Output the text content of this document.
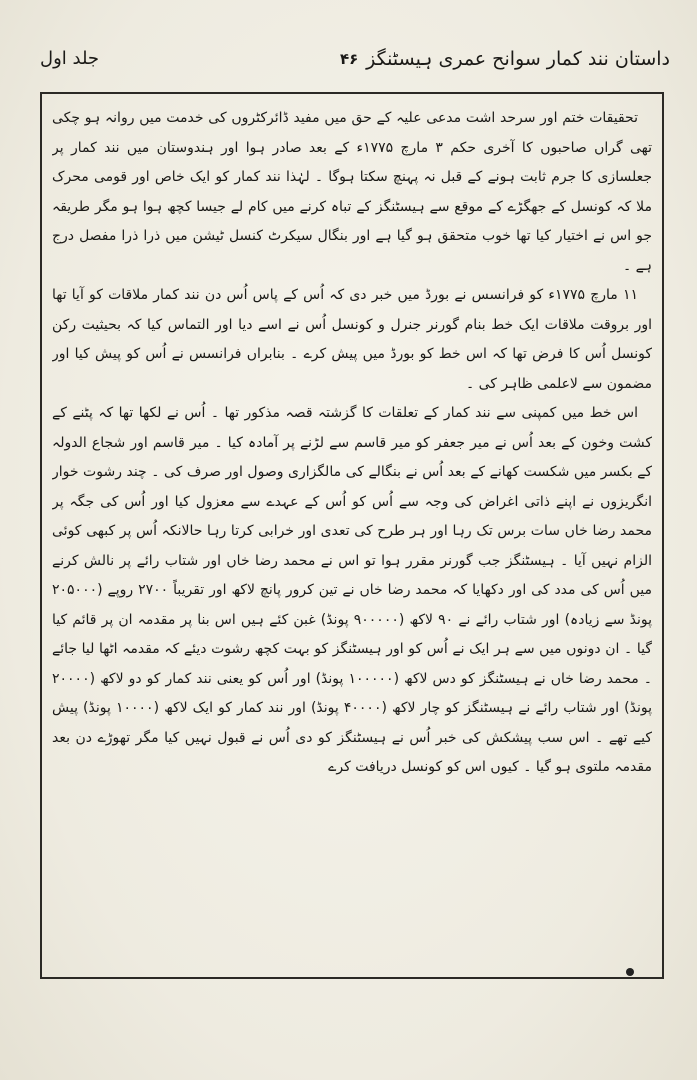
داستان نند کمار سوانح عمری ہیسٹنگز
۴۶
جلد اول

تحقیقات ختم اور سرحد اشت مدعی علیہ کے حق میں مفید ڈائرکٹروں کی خدمت میں روانہ ہو چکی تھی گراں صاحبوں کا آخری حکم ۳ مارچ ۱۷۷۵ء کے بعد صادر ہوا اور ہندوستان میں نند کمار پر جعلسازی کا جرم ثابت ہونے کے قبل نہ پہنچ سکتا ہوگا ۔ لہٰذا نند کمار کو ایک خاص اور قومی محرک ملا کہ کونسل کے جھگڑے کے موقع سے ہیسٹنگز کے تباہ کرنے میں کام لے جیسا کچھ ہوا ہو مگر طریقہ جو اس نے اختیار کیا تھا خوب متحقق ہو گیا ہے اور بنگال سیکرٹ کنسل ٹیشن میں ذرا ذرا مفصل درج ہے ۔

۱۱ مارچ ۱۷۷۵ء کو فرانسس نے بورڈ میں خبر دی کہ اُس کے پاس اُس دن نند کمار ملاقات کو آیا تھا اور بروقت ملاقات ایک خط بنام گورنر جنرل و کونسل اُس نے اسے دیا اور التماس کیا کہ بحیثیت رکن کونسل اُس کا فرض تھا کہ اس خط کو بورڈ میں پیش کرے ۔ بنابراں فرانسس نے اُس کو پیش کیا اور مضمون سے لاعلمی ظاہر کی ۔

اس خط میں کمپنی سے نند کمار کے تعلقات کا گزشتہ قصہ مذکور تھا ۔ اُس نے لکھا تھا کہ پٹنے کے کشت وخون کے بعد اُس نے میر جعفر کو میر قاسم سے لڑنے پر آمادہ کیا ۔ میر قاسم اور شجاع الدولہ کے بکسر میں شکست کھانے کے بعد اُس نے بنگالے کی مالگزاری وصول اور صرف کی ۔ چند رشوت خوار انگریزوں نے اپنے ذاتی اغراض کی وجہ سے اُس کو اُس کے عہدے سے معزول کیا اور اُس کی جگہ پر محمد رضا خاں سات برس تک رہا اور ہر طرح کی تعدی اور خرابی کرتا رہا حالانکہ اُس پر کبھی کوئی الزام نہیں آیا ۔ ہیسٹنگز جب گورنر مقرر ہوا تو اس نے محمد رضا خاں اور شتاب رائے پر نالش کرنے میں اُس کی مدد کی اور دکھایا کہ محمد رضا خاں نے تین کرور پانچ لاکھ اور تقریباً ۲۷۰۰ روپے (۲۰۵۰۰۰ پونڈ سے زیادہ) اور شتاب رائے نے ۹۰ لاکھ (۹۰۰۰۰۰ پونڈ) غبن کئے ہیں اس بنا پر مقدمہ ان پر قائم کیا گیا ۔ ان دونوں میں سے ہر ایک نے اُس کو اور ہیسٹنگز کو بہت کچھ رشوت دیئے کہ مقدمہ اٹھا لیا جائے ۔ محمد رضا خاں نے ہیسٹنگز کو دس لاکھ (۱۰۰۰۰۰ پونڈ) اور اُس کو یعنی نند کمار کو دو لاکھ (۲۰۰۰۰ پونڈ) اور شتاب رائے نے ہیسٹنگز کو چار لاکھ (۴۰۰۰۰ پونڈ) اور نند کمار کو ایک لاکھ (۱۰۰۰۰ پونڈ) پیش کیے تھے ۔ اس سب پیشکش کی خبر اُس نے ہیسٹنگز کو دی اُس نے قبول نہیں کیا مگر تھوڑے دن بعد مقدمہ ملتوی ہو گیا ۔ کیوں اس کو کونسل دریافت کرے
